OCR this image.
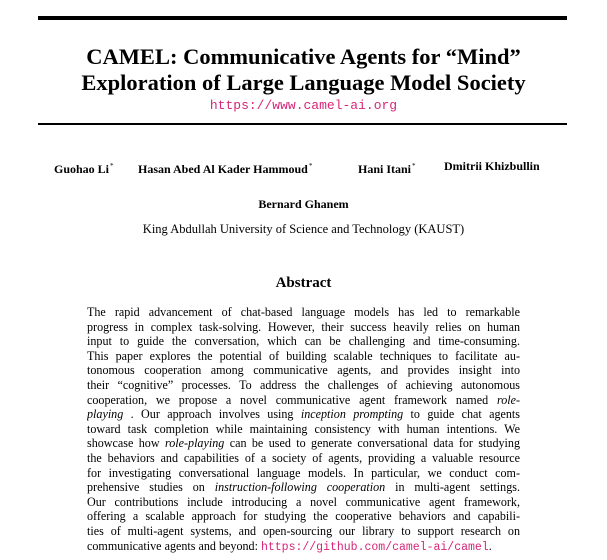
CAMEL: Communicative Agents for “Mind”
Exploration of Large Language Model Society
https://www.camel-ai.org
Guohao Li* Hasan Abed Al Kader Hammoud*	Hani Itani* Dmitrii Khizbullin
Bernard Ghanem
King Abdullah University of Science and Technology (KAUST)
Abstract
The rapid advancement of chat-based language models has led to remarkable
progress in complex task-solving. However, their success heavily relies on human
input to guide the conversation, which can be challenging and time-consuming.
This paper explores the potential of building scalable techniques to facilitate au-
tonomous cooperation among communicative agents, and provides insight into
their “cognitive” processes. To address the challenges of achieving autonomous
cooperation, we propose a novel communicative agent framework named role-
playing . Our approach involves using inception prompting to guide chat agents
toward task completion while maintaining consistency with human intentions. We
showcase how role-playing can be used to generate conversational data for studying
the behaviors and capabilities of a society of agents, providing a valuable resource
for investigating conversational language models. In particular, we conduct com-
prehensive studies on instruction-following cooperation in multi-agent settings.
Our contributions include introducing a novel communicative agent framework,
offering a scalable approach for studying the cooperative behaviors and capabili-
ties of multi-agent systems, and open-sourcing our library to support research on
communicative agents and beyond: https://github.com/camel-ai/camel.
